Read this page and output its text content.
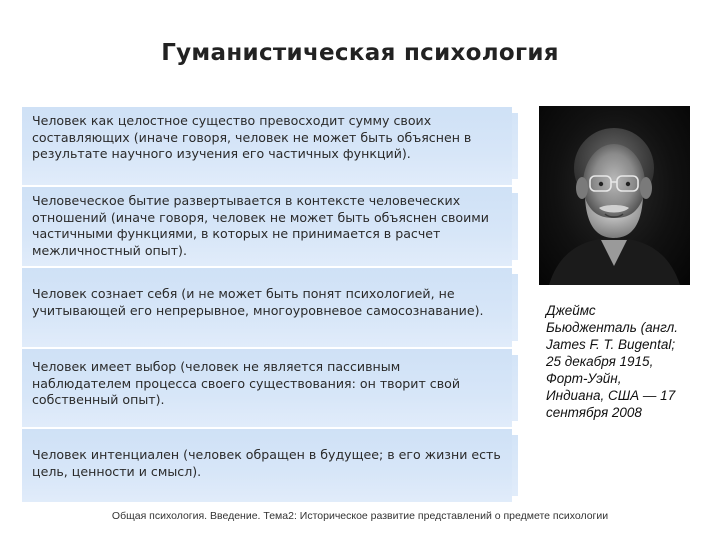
Гуманистическая психология
Человек как целостное существо превосходит сумму своих составляющих (иначе говоря, человек не может быть объяснен в результате научного изучения его частичных функций).
Человеческое бытие развертывается в контексте человеческих отношений (иначе говоря, человек не может быть объяснен своими частичными функциями, в которых не принимается в расчет межличностный опыт).
Человек сознает себя (и не может быть понят психологией, не учитывающей его непрерывное, многоуровневое самосознавание).
Человек имеет выбор (человек не является пассивным наблюдателем процесса своего существования: он творит свой собственный опыт).
Человек интенциален (человек обращен в будущее; в его жизни есть цель, ценности и смысл).
Джеймс
Бьюдженталь (англ.
James F. T. Bugental;
25 декабря 1915,
Форт-Уэйн,
Индиана, США — 17
сентября 2008
Общая психология. Введение. Тема2: Историческое развитие представлений о предмете психологии
